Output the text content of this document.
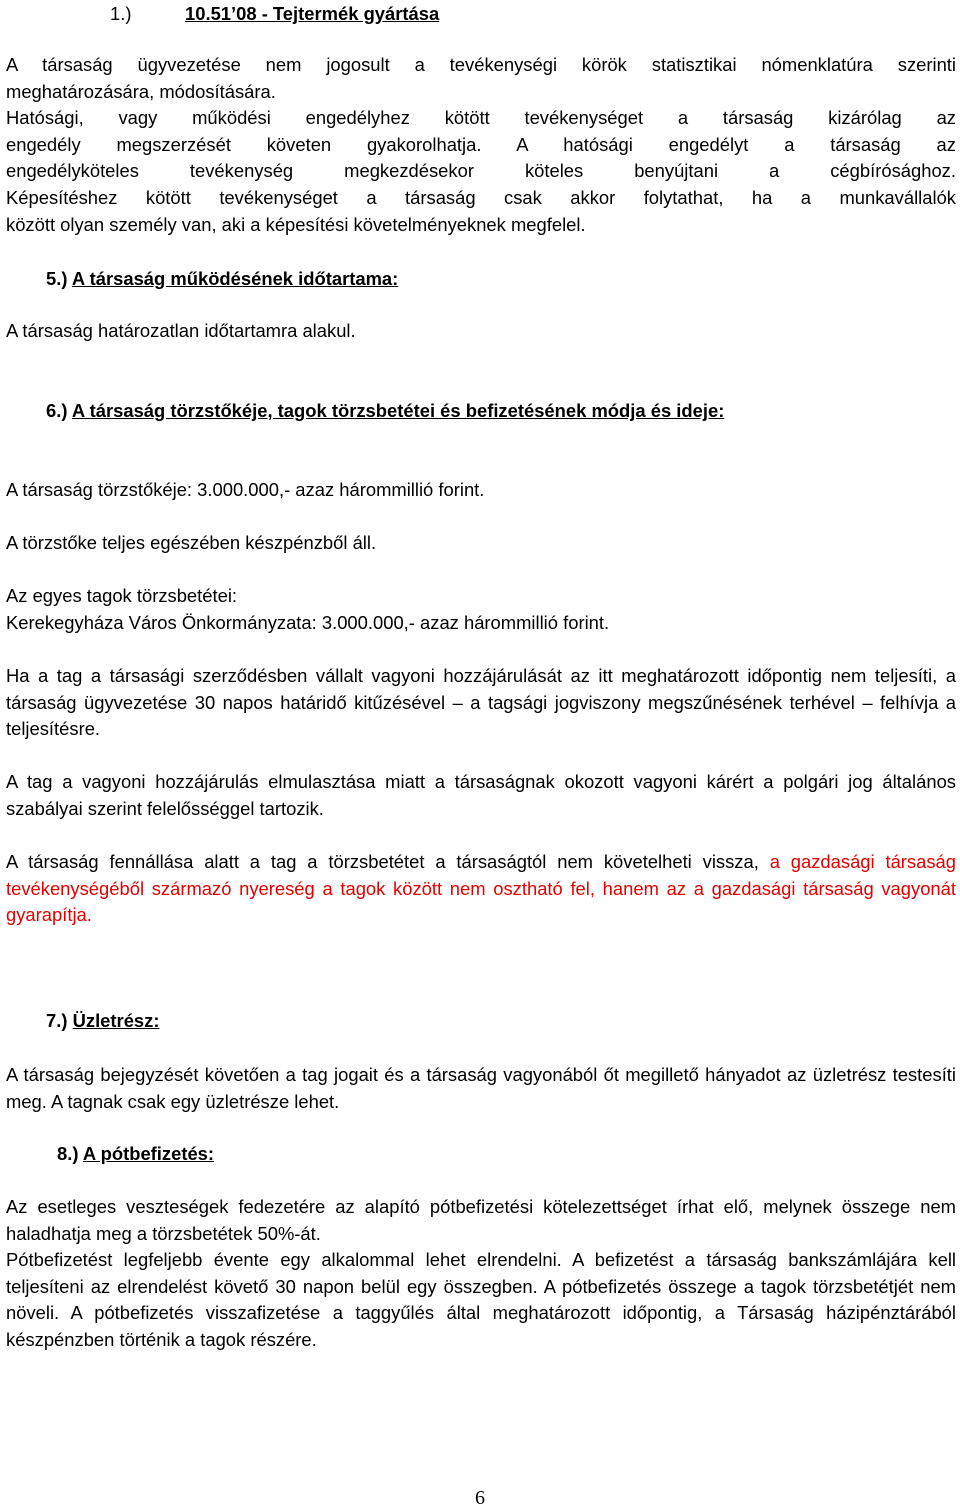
1.)	10.51’08 - Tejtermék gyártása
A társaság ügyvezetése nem jogosult a tevékenységi körök statisztikai nómenklatúra szerinti
meghatározására, módosítására.
Hatósági, vagy működési engedélyhez kötött tevékenységet a társaság kizárólag az
engedély megszerzését követen gyakorolhatja. A hatósági engedélyt a társaság az
engedélyköteles tevékenység megkezdésekor köteles benyújtani a cégbírósághoz.
Képesítéshez kötött tevékenységet a társaság csak akkor folytathat, ha a munkavállalók
között olyan személy van, aki a képesítési követelményeknek megfelel.
5.) A társaság működésének időtartama:
A társaság határozatlan időtartamra alakul.
6.) A társaság törzstőkéje, tagok törzsbetétei és befizetésének módja és ideje:
A társaság törzstőkéje: 3.000.000,- azaz hárommillió forint.
A törzstőke teljes egészében készpénzből áll.
Az egyes tagok törzsbetétei:
Kerekegyháza Város Önkormányzata: 3.000.000,- azaz hárommillió forint.
Ha a tag a társasági szerződésben vállalt vagyoni hozzájárulását az itt meghatározott időpontig nem teljesíti, a társaság ügyvezetése 30 napos határidő kitűzésével – a tagsági jogviszony megszűnésének terhével – felhívja a teljesítésre.
A tag a vagyoni hozzájárulás elmulasztása miatt a társaságnak okozott vagyoni kárért a polgári jog általános szabályai szerint felelősséggel tartozik.
A társaság fennállása alatt a tag a törzsbetétet a társaságtól nem követelheti vissza, a gazdasági társaság tevékenységéből származó nyereség a tagok között nem osztható fel, hanem az a gazdasági társaság vagyonát gyarapítja.
7.) Üzletrész:
A társaság bejegyzését követően a tag jogait és a társaság vagyonából őt megillető hányadot az üzletrész testesíti meg. A tagnak csak egy üzletrésze lehet.
8.) A pótbefizetés:
Az esetleges veszteségek fedezetére az alapító pótbefizetési kötelezettséget írhat elő, melynek összege nem haladhatja meg a törzsbetétek 50%-át.
Pótbefizetést legfeljebb évente egy alkalommal lehet elrendelni. A befizetést a társaság bankszámlájára kell teljesíteni az elrendelést követő 30 napon belül egy összegben. A pótbefizetés összege a tagok törzsbetétjét nem növeli. A pótbefizetés visszafizetése a taggyűlés által meghatározott időpontig, a Társaság házipénztárából készpénzben történik a tagok részére.
6
